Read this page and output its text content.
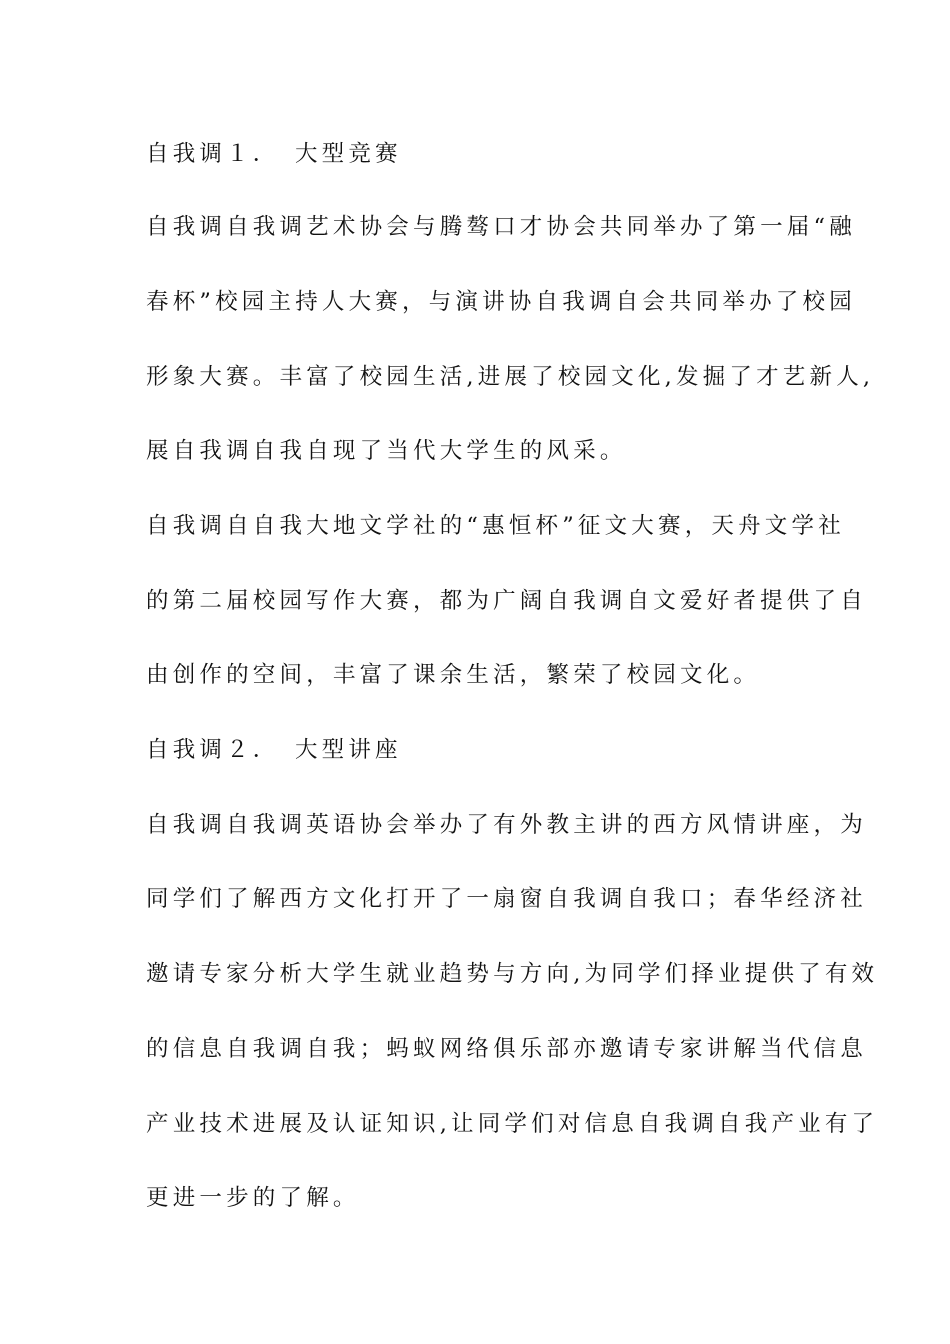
自我调１．　大型竞赛
自我调自我调艺术协会与腾骜口才协会共同举办了第一届“融
春杯”校园主持人大赛，与演讲协自我调自会共同举办了校园
形象大赛。丰富了校园生活,进展了校园文化,发掘了才艺新人,
展自我调自我自现了当代大学生的风采。
自我调自自我大地文学社的“惠恒杯”征文大赛，天舟文学社
的第二届校园写作大赛，都为广阔自我调自文爱好者提供了自
由创作的空间，丰富了课余生活，繁荣了校园文化。
自我调２．　大型讲座
自我调自我调英语协会举办了有外教主讲的西方风情讲座，为
同学们了解西方文化打开了一扇窗自我调自我口；春华经济社
邀请专家分析大学生就业趋势与方向,为同学们择业提供了有效
的信息自我调自我；蚂蚁网络俱乐部亦邀请专家讲解当代信息
产业技术进展及认证知识,让同学们对信息自我调自我产业有了
更进一步的了解。
